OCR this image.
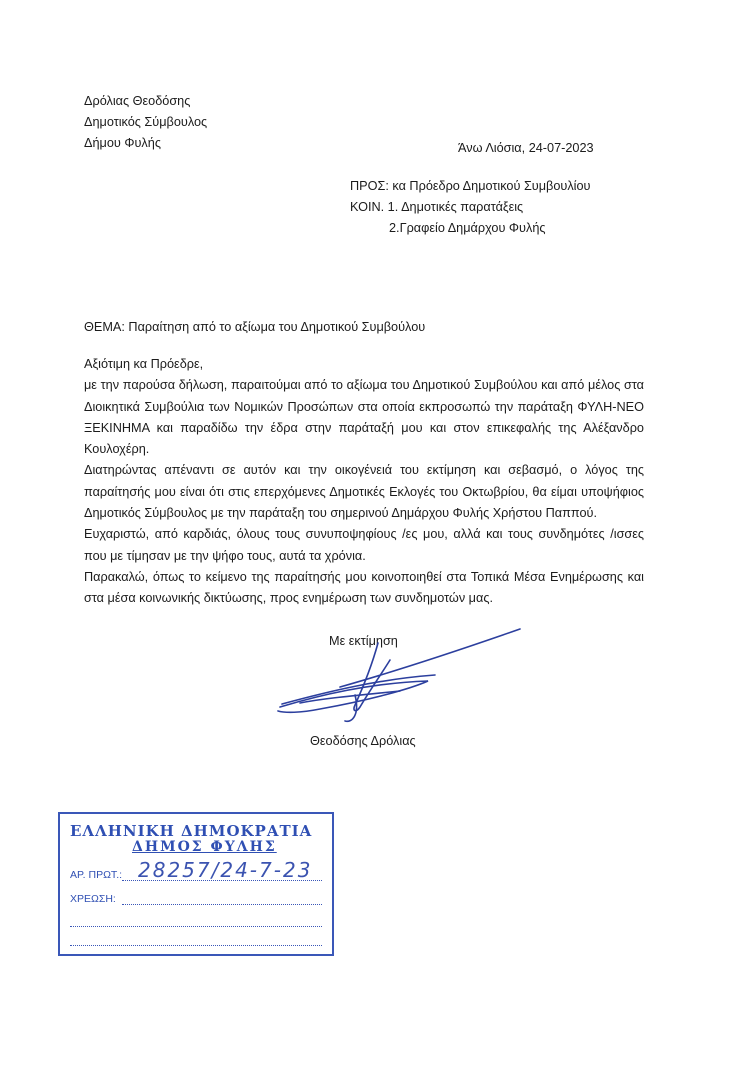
Δρόλιας Θεοδόσης
Δημοτικός Σύμβουλος
Δήμου Φυλής	Άνω Λιόσια, 24-07-2023
ΠΡΟΣ: κα Πρόεδρο Δημοτικού Συμβουλίου
ΚΟΙΝ. 1. Δημοτικές παρατάξεις
2.Γραφείο Δημάρχου Φυλής
ΘΕΜΑ: Παραίτηση από το αξίωμα του Δημοτικού Συμβούλου

Αξιότιμη κα Πρόεδρε,

με την παρούσα δήλωση, παραιτούμαι από το αξίωμα του Δημοτικού Συμβούλου και από μέλος στα Διοικητικά Συμβούλια των Νομικών Προσώπων στα οποία εκπροσωπώ την παράταξη ΦΥΛΗ-ΝΕΟ ΞΕΚΙΝΗΜΑ και παραδίδω την έδρα στην παράταξή μου και στον επικεφαλής της Αλέξανδρο Κουλοχέρη.

Διατηρώντας απέναντι σε αυτόν και την οικογένειά του εκτίμηση και σεβασμό, ο λόγος της παραίτησής μου είναι ότι στις επερχόμενες Δημοτικές Εκλογές του Οκτωβρίου, θα είμαι υποψήφιος Δημοτικός Σύμβουλος με την παράταξη του σημερινού Δημάρχου Φυλής Χρήστου Παππού.

Ευχαριστώ, από καρδιάς, όλους τους συνυποψηφίους /ες μου, αλλά και τους συνδημότες /ισσες που με τίμησαν με την ψήφο τους, αυτά τα χρόνια.

Παρακαλώ, όπως το κείμενο της παραίτησής μου κοινοποιηθεί στα Τοπικά Μέσα Ενημέρωσης και στα μέσα κοινωνικής δικτύωσης, προς ενημέρωση των συνδημοτών μας.

Με εκτίμηση
Θεοδόσης Δρόλιας
ΕΛΛΗΝΙΚΗ ΔΗΜΟΚΡΑΤΙΑ
ΔΗΜΟΣ ΦΥΛΗΣ
ΑΡ. ΠΡΩΤ.: 28257/24-7-23
ΧΡΕΩΣΗ:
